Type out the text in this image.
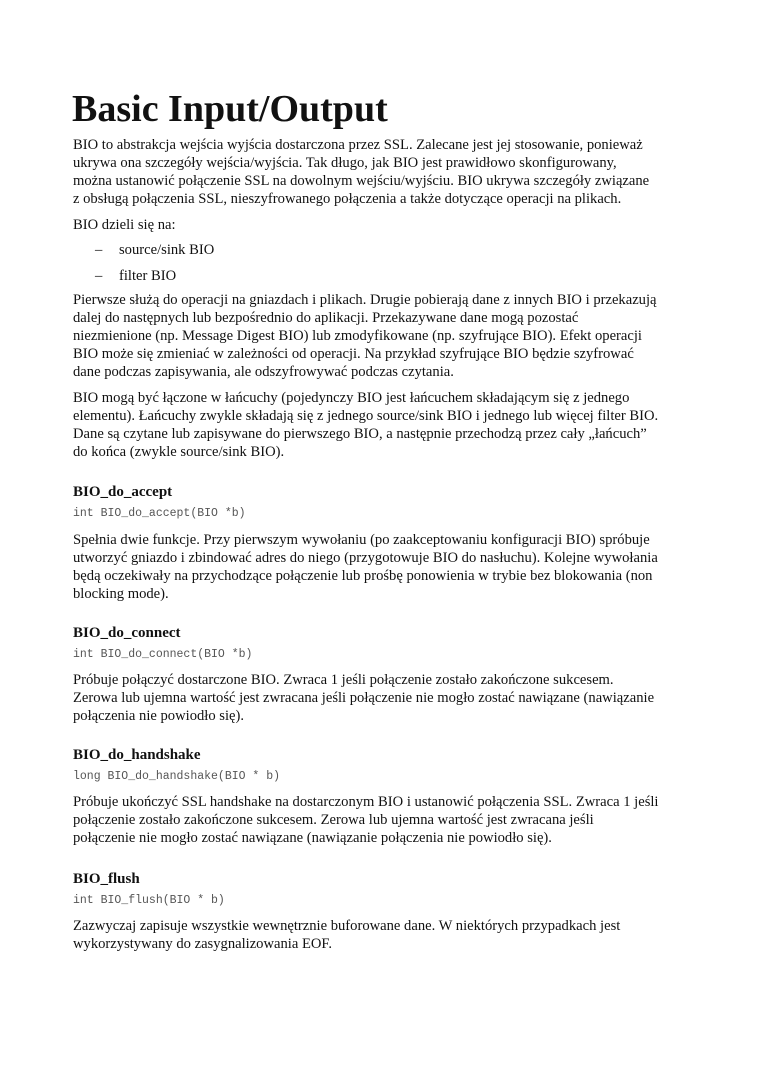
Basic Input/Output
BIO to abstrakcja wejścia wyjścia dostarczona przez SSL. Zalecane jest jej stosowanie, ponieważ
ukrywa ona szczegóły wejścia/wyjścia. Tak długo, jak BIO jest prawidłowo skonfigurowany,
można ustanowić połączenie SSL na dowolnym wejściu/wyjściu. BIO ukrywa szczegóły związane
z obsługą połączenia SSL, nieszyfrowanego połączenia a także dotyczące operacji na plikach.
BIO dzieli się na:
– source/sink BIO
– filter BIO
Pierwsze służą do operacji na gniazdach i plikach. Drugie pobierają dane z innych BIO i przekazują
dalej do następnych lub bezpośrednio do aplikacji. Przekazywane dane mogą pozostać
niezmienione (np. Message Digest BIO) lub zmodyfikowane (np. szyfrujące BIO). Efekt operacji
BIO może się zmieniać w zależności od operacji. Na przykład szyfrujące BIO będzie szyfrować
dane podczas zapisywania, ale odszyfrowywać podczas czytania.
BIO mogą być łączone w łańcuchy (pojedynczy BIO jest łańcuchem składającym się z jednego
elementu). Łańcuchy zwykle składają się z jednego source/sink BIO i jednego lub więcej filter BIO.
Dane są czytane lub zapisywane do pierwszego BIO, a następnie przechodzą przez cały „łańcuch”
do końca (zwykle source/sink BIO).
BIO_do_accept
int BIO_do_accept(BIO *b)
Spełnia dwie funkcje. Przy pierwszym wywołaniu (po zaakceptowaniu konfiguracji BIO) spróbuje
utworzyć gniazdo i zbindować adres do niego (przygotowuje BIO do nasłuchu). Kolejne wywołania
będą oczekiwały na przychodzące połączenie lub prośbę ponowienia w trybie bez blokowania (non
blocking mode).
BIO_do_connect
int BIO_do_connect(BIO *b)
Próbuje połączyć dostarczone BIO. Zwraca 1 jeśli połączenie zostało zakończone sukcesem.
Zerowa lub ujemna wartość jest zwracana jeśli połączenie nie mogło zostać nawiązane (nawiązanie
połączenia nie powiodło się).
BIO_do_handshake
long BIO_do_handshake(BIO * b)
Próbuje ukończyć SSL handshake na dostarczonym BIO i ustanowić połączenia SSL. Zwraca 1 jeśli
połączenie zostało zakończone sukcesem. Zerowa lub ujemna wartość jest zwracana jeśli
połączenie nie mogło zostać nawiązane (nawiązanie połączenia nie powiodło się).
BIO_flush
int BIO_flush(BIO * b)
Zazwyczaj zapisuje wszystkie wewnętrznie buforowane dane. W niektórych przypadkach jest
wykorzystywany do zasygnalizowania EOF.
